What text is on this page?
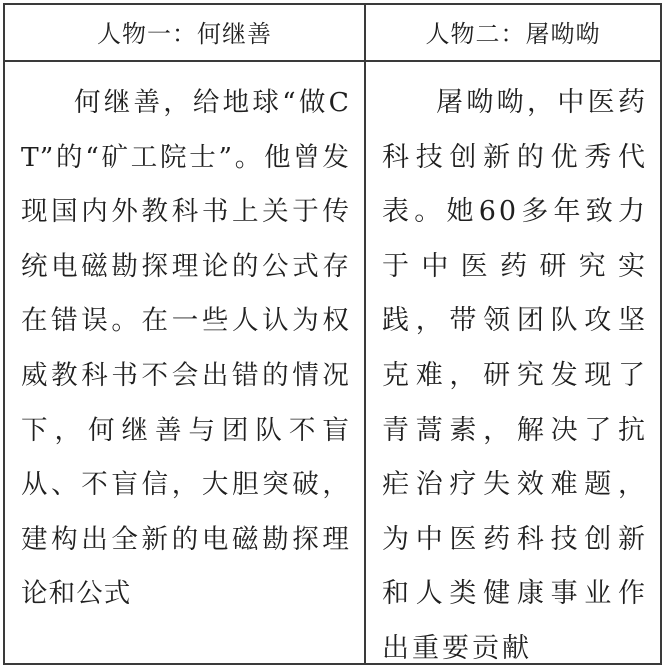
人物一：何继善	人物二：屠呦呦

何继善，给地球“做CT”的“矿工院士”。他曾发现国内外教科书上关于传统电磁勘探理论的公式存在错误。在一些人认为权威教科书不会出错的情况下，何继善与团队不盲从、不盲信，大胆突破，建构出全新的电磁勘探理论和公式

屠呦呦，中医药科技创新的优秀代表。她60多年致力于中医药研究实践，带领团队攻坚克难，研究发现了青蒿素，解决了抗疟治疗失效难题，为中医药科技创新和人类健康事业作出重要贡献
